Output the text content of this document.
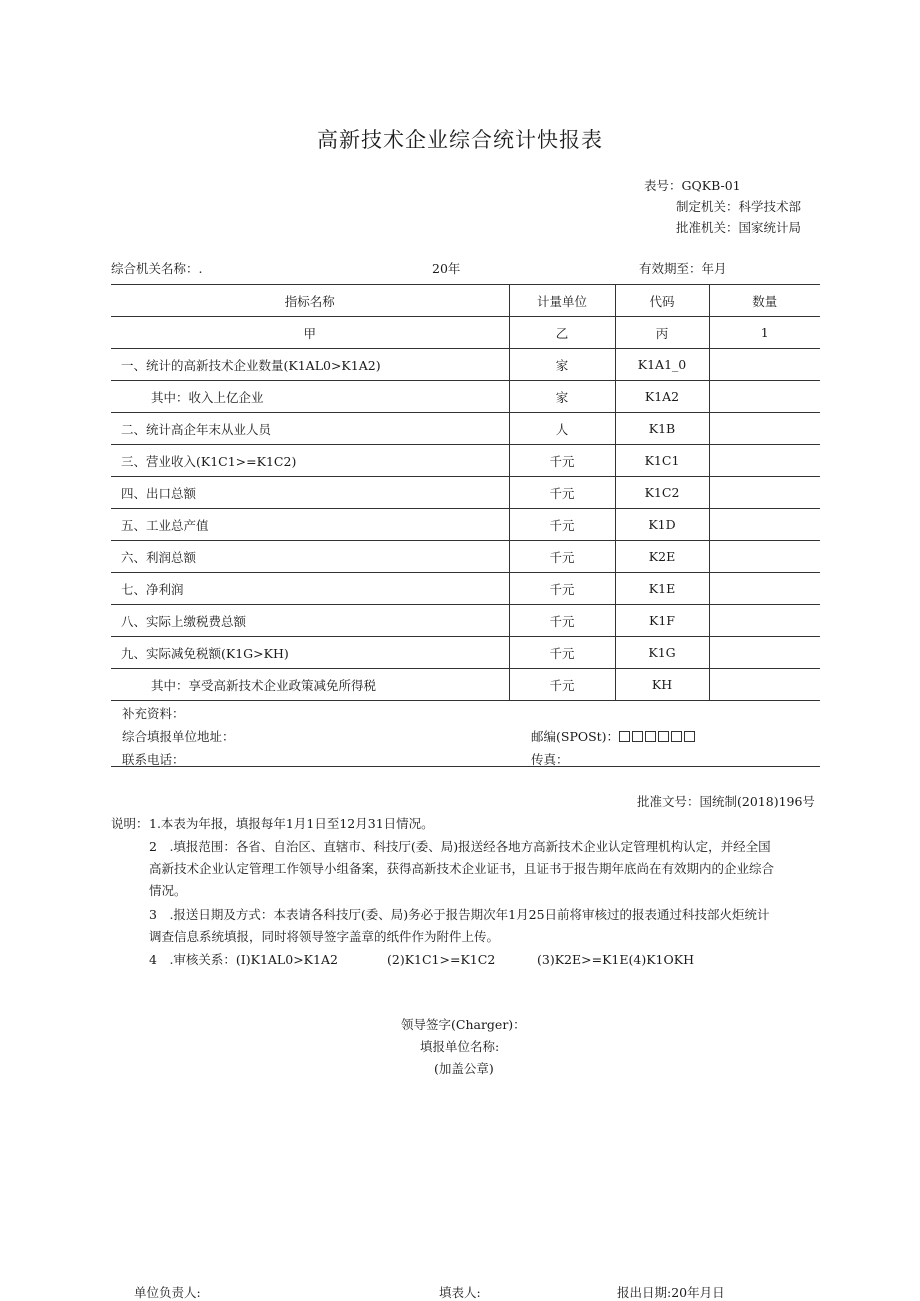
高新技术企业综合统计快报表
表号：GQKB-01
制定机关：科学技术部
批准机关：国家统计局
综合机关名称：.	20年	有效期至：年月
指标名称	计量单位	代码	数量
甲	乙	丙	1
一、统计的高新技术企业数量(K1AL0>K1A2)	家	K1A1_0	
其中：收入上亿企业	家	K1A2	
二、统计高企年末从业人员	人	K1B	
三、营业收入(K1C1>=K1C2)	千元	K1C1	
四、出口总额	千元	K1C2	
五、工业总产值	千元	K1D	
六、利润总额	千元	K2E	
七、净利润	千元	K1E	
八、实际上缴税费总额	千元	K1F	
九、实际减免税额(K1G>KH)	千元	K1G	
其中：享受高新技术企业政策减免所得税	千元	KH	
补充资料：
综合填报单位地址：	邮编(SPOSt)：
联系电话：	传真：
批准文号：国统制(2018)196号
说明： 1.本表为年报，填报每年1月1日至12月31日情况。
2　.填报范围：各省、自治区、直辖市、科技厅(委、局)报送经各地方高新技术企业认定管理机构认定，并经全国
高新技术企业认定管理工作领导小组备案，获得高新技术企业证书，且证书于报告期年底尚在有效期内的企业综合
情况。
3　.报送日期及方式：本表请各科技厅(委、局)务必于报告期次年1月25日前将审核过的报表通过科技部火炬统计
调查信息系统填报，同时将领导签字盖章的纸件作为附件上传。
4　.审核关系：(I)K1AL0>K1A2	(2)K1C1>=K1C2	(3)K2E>=K1E(4)K1OKH
领导签字(Charger)：
填报单位名称:
(加盖公章)
单位负责人:	填表人:	报出日期:20年月日
